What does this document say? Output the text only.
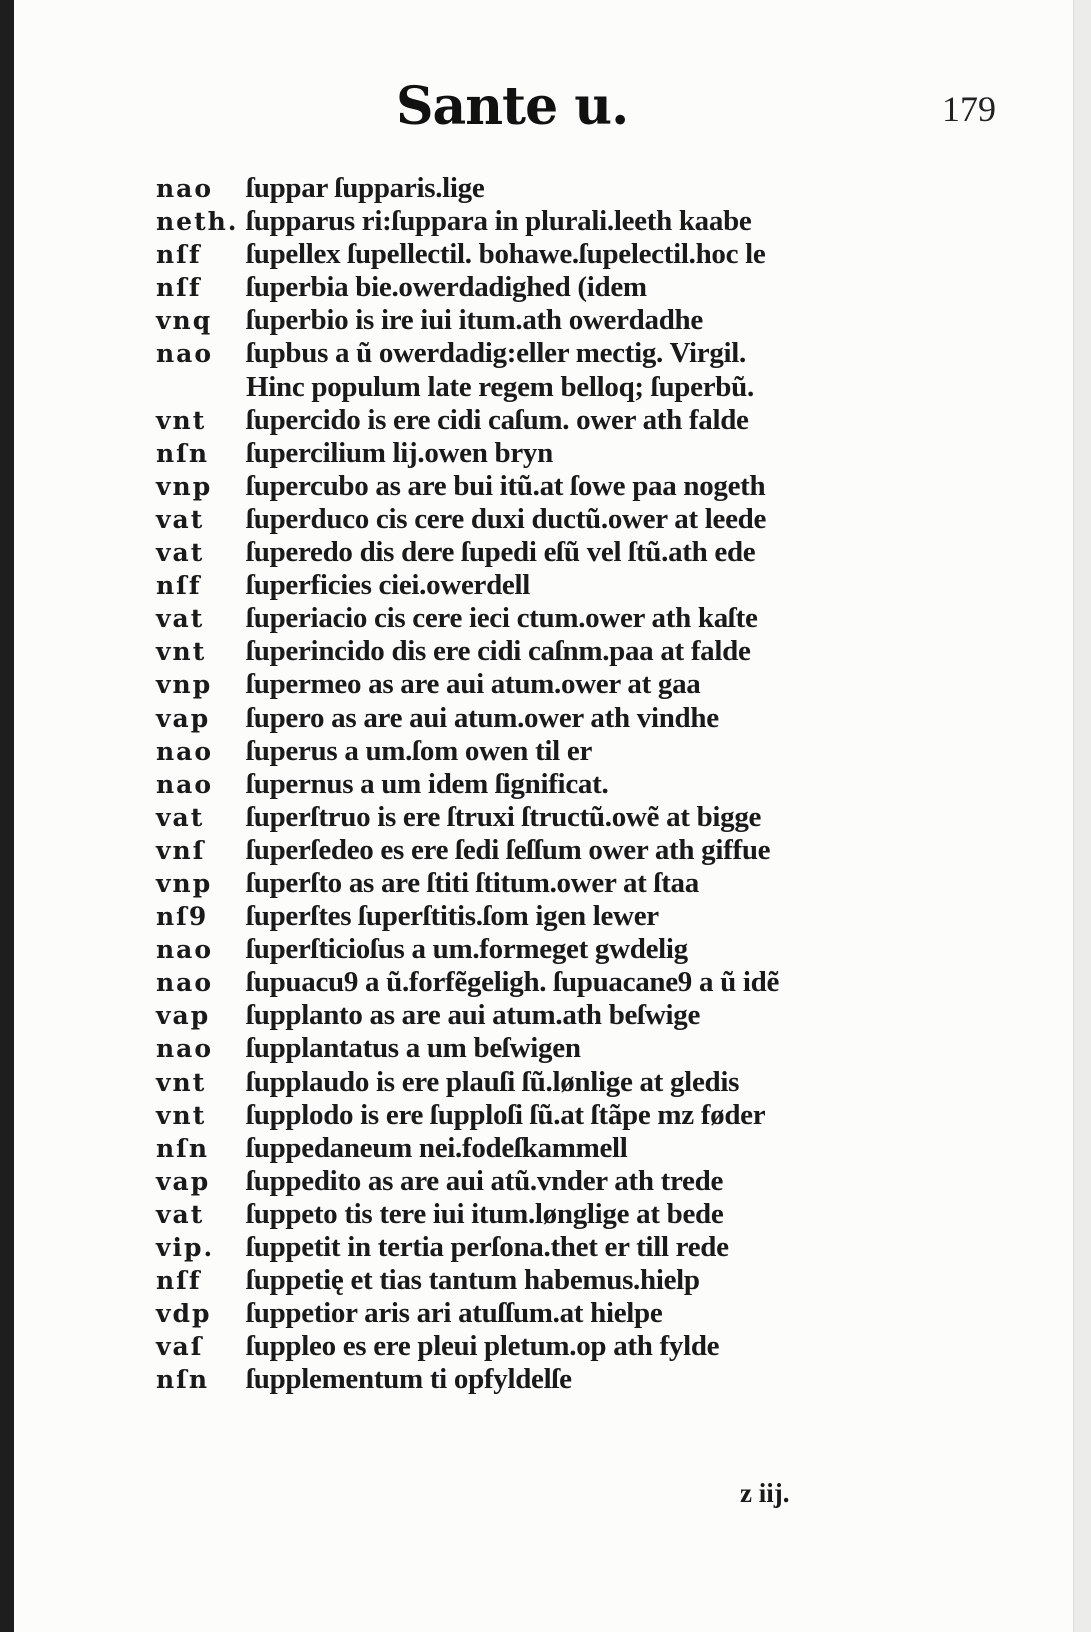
Sante u.	179
nao	ſuppar ſupparis.lige
neth. ſupparus ri:ſuppara in plurali.leeth kaabe
nſf	ſupellex ſupellectil. bohawe.ſupelectil.hoc le
nſf	ſuperbia bie.owerdadighed (idem
vnq	ſuperbio is ire iui itum.ath owerdadhe
nao	ſupbus a ũ owerdadig:eller mectig. Virgil.
Hinc populum late regem belloq; ſuperbũ.
vnt	ſupercido is ere cidi caſum. ower ath falde
nſn	ſupercilium lij.owen bryn
vnp	ſupercubo as are bui itũ.at ſowe paa nogeth
vat	ſuperduco cis cere duxi ductũ.ower at leede
vat	ſuperedo dis dere ſupedi eſũ vel ſtũ.ath ede
nſf	ſuperficies ciei.owerdell
vat	ſuperiacio cis cere ieci ctum.ower ath kaſte
vnt	ſuperincido dis ere cidi caſnm.paa at falde
vnp	ſupermeo as are aui atum.ower at gaa
vap	ſupero as are aui atum.ower ath vindhe
nao	ſuperus a um.ſom owen til er
nao	ſupernus a um idem ſignificat.
vat	ſuperſtruo is ere ſtruxi ſtructũ.owẽ at bigge
vnſ	ſuperſedeo es ere ſedi ſeſſum ower ath giffue
vnp	ſuperſto as are ſtiti ſtitum.ower at ſtaa
nſ9	ſuperſtes ſuperſtitis.ſom igen lewer
nao	ſuperſticioſus a um.formeget gwdelig
nao	ſupuacu9 a ũ.forfẽgeligh. ſupuacane9 a ũ idẽ
vap	ſupplanto as are aui atum.ath beſwige
nao	ſupplantatus a um beſwigen
vnt	ſupplaudo is ere plauſi ſũ.lønlige at gledis
vnt	ſupplodo is ere ſupploſi ſũ.at ſtãpe mz føder
nſn	ſuppedaneum nei.fodeſkammell
vap	ſuppedito as are aui atũ.vnder ath trede
vat	ſuppeto tis tere iui itum.lønglige at bede
vip.	ſuppetit in tertia perſona.thet er till rede
nſf	ſuppetię et tias tantum habemus.hielp
vdp	ſuppetior aris ari atuſſum.at hielpe
vaſ	ſuppleo es ere pleui pletum.op ath fylde
nſn	ſupplementum ti opfyldelſe
z iij.
